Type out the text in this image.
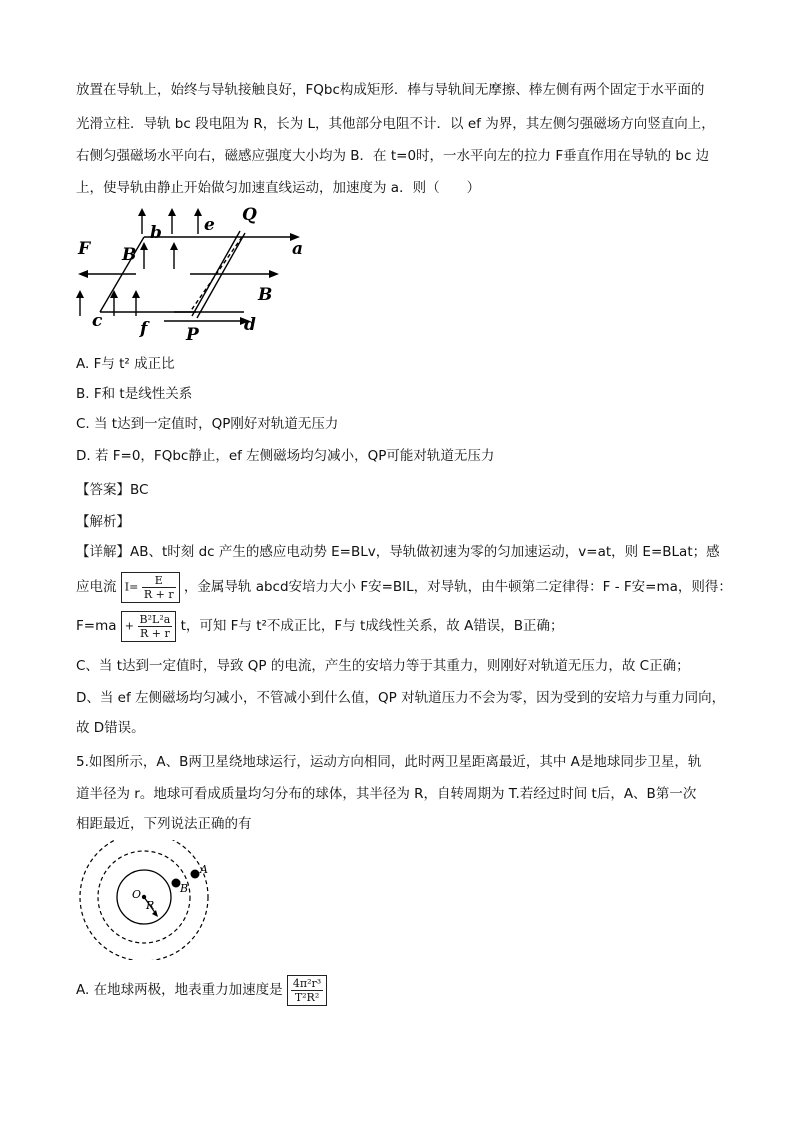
放置在导轨上，始终与导轨接触良好，FQbc构成矩形．棒与导轨间无摩擦、棒左侧有两个固定于水平面的
光滑立柱．导轨 bc 段电阻为 R，长为 L，其他部分电阻不计．以 ef 为界，其左侧匀强磁场方向竖直向上，
右侧匀强磁场水平向右，磁感应强度大小均为 B．在 t=0时，一水平向左的拉力 F垂直作用在导轨的 bc 边
上，使导轨由静止开始做匀加速直线运动，加速度为 a．则（　　）
Q
a
b e
B
F
B
c f P	d
A. F与 t² 成正比
B. F和 t是线性关系
C. 当 t达到一定值时，QP刚好对轨道无压力
D. 若 F=0，FQbc静止，ef 左侧磁场均匀减小，QP可能对轨道无压力
【答案】BC
【解析】
【详解】AB、t时刻 dc 产生的感应电动势 E=BLv，导轨做初速为零的匀加速运动，v=at，则 E=BLat；感
应电流 $I= \frac{E}{R + r}$ ，金属导轨 abcd安培力大小 F安=BIL，对导轨，由牛顿第二定律得：F - F安=ma，则得：
$F=ma + \frac{\text{B²L²a}}{R + r}$ t，可知 F与 t²不成正比，F与 t成线性关系，故 A错误，B正确；
C、当 t达到一定值时，导致 QP 的电流，产生的安培力等于其重力，则刚好对轨道无压力，故 C正确；
D、当 ef 左侧磁场均匀减小，不管减小到什么值，QP 对轨道压力不会为零，因为受到的安培力与重力同向，
故 D错误。
5.如图所示，A、B两卫星绕地球运行，运动方向相同，此时两卫星距离最近，其中 A是地球同步卫星，轨
道半径为 r。地球可看成质量均匀分布的球体，其半径为 R，自转周期为 T.若经过时间 t后，A、B第一次
相距最近，下列说法正确的有
A
B
O
R
A. 在地球两极，地表重力加速度是 $\frac{\text{4π²r³}}{\text{T²R²}}$
